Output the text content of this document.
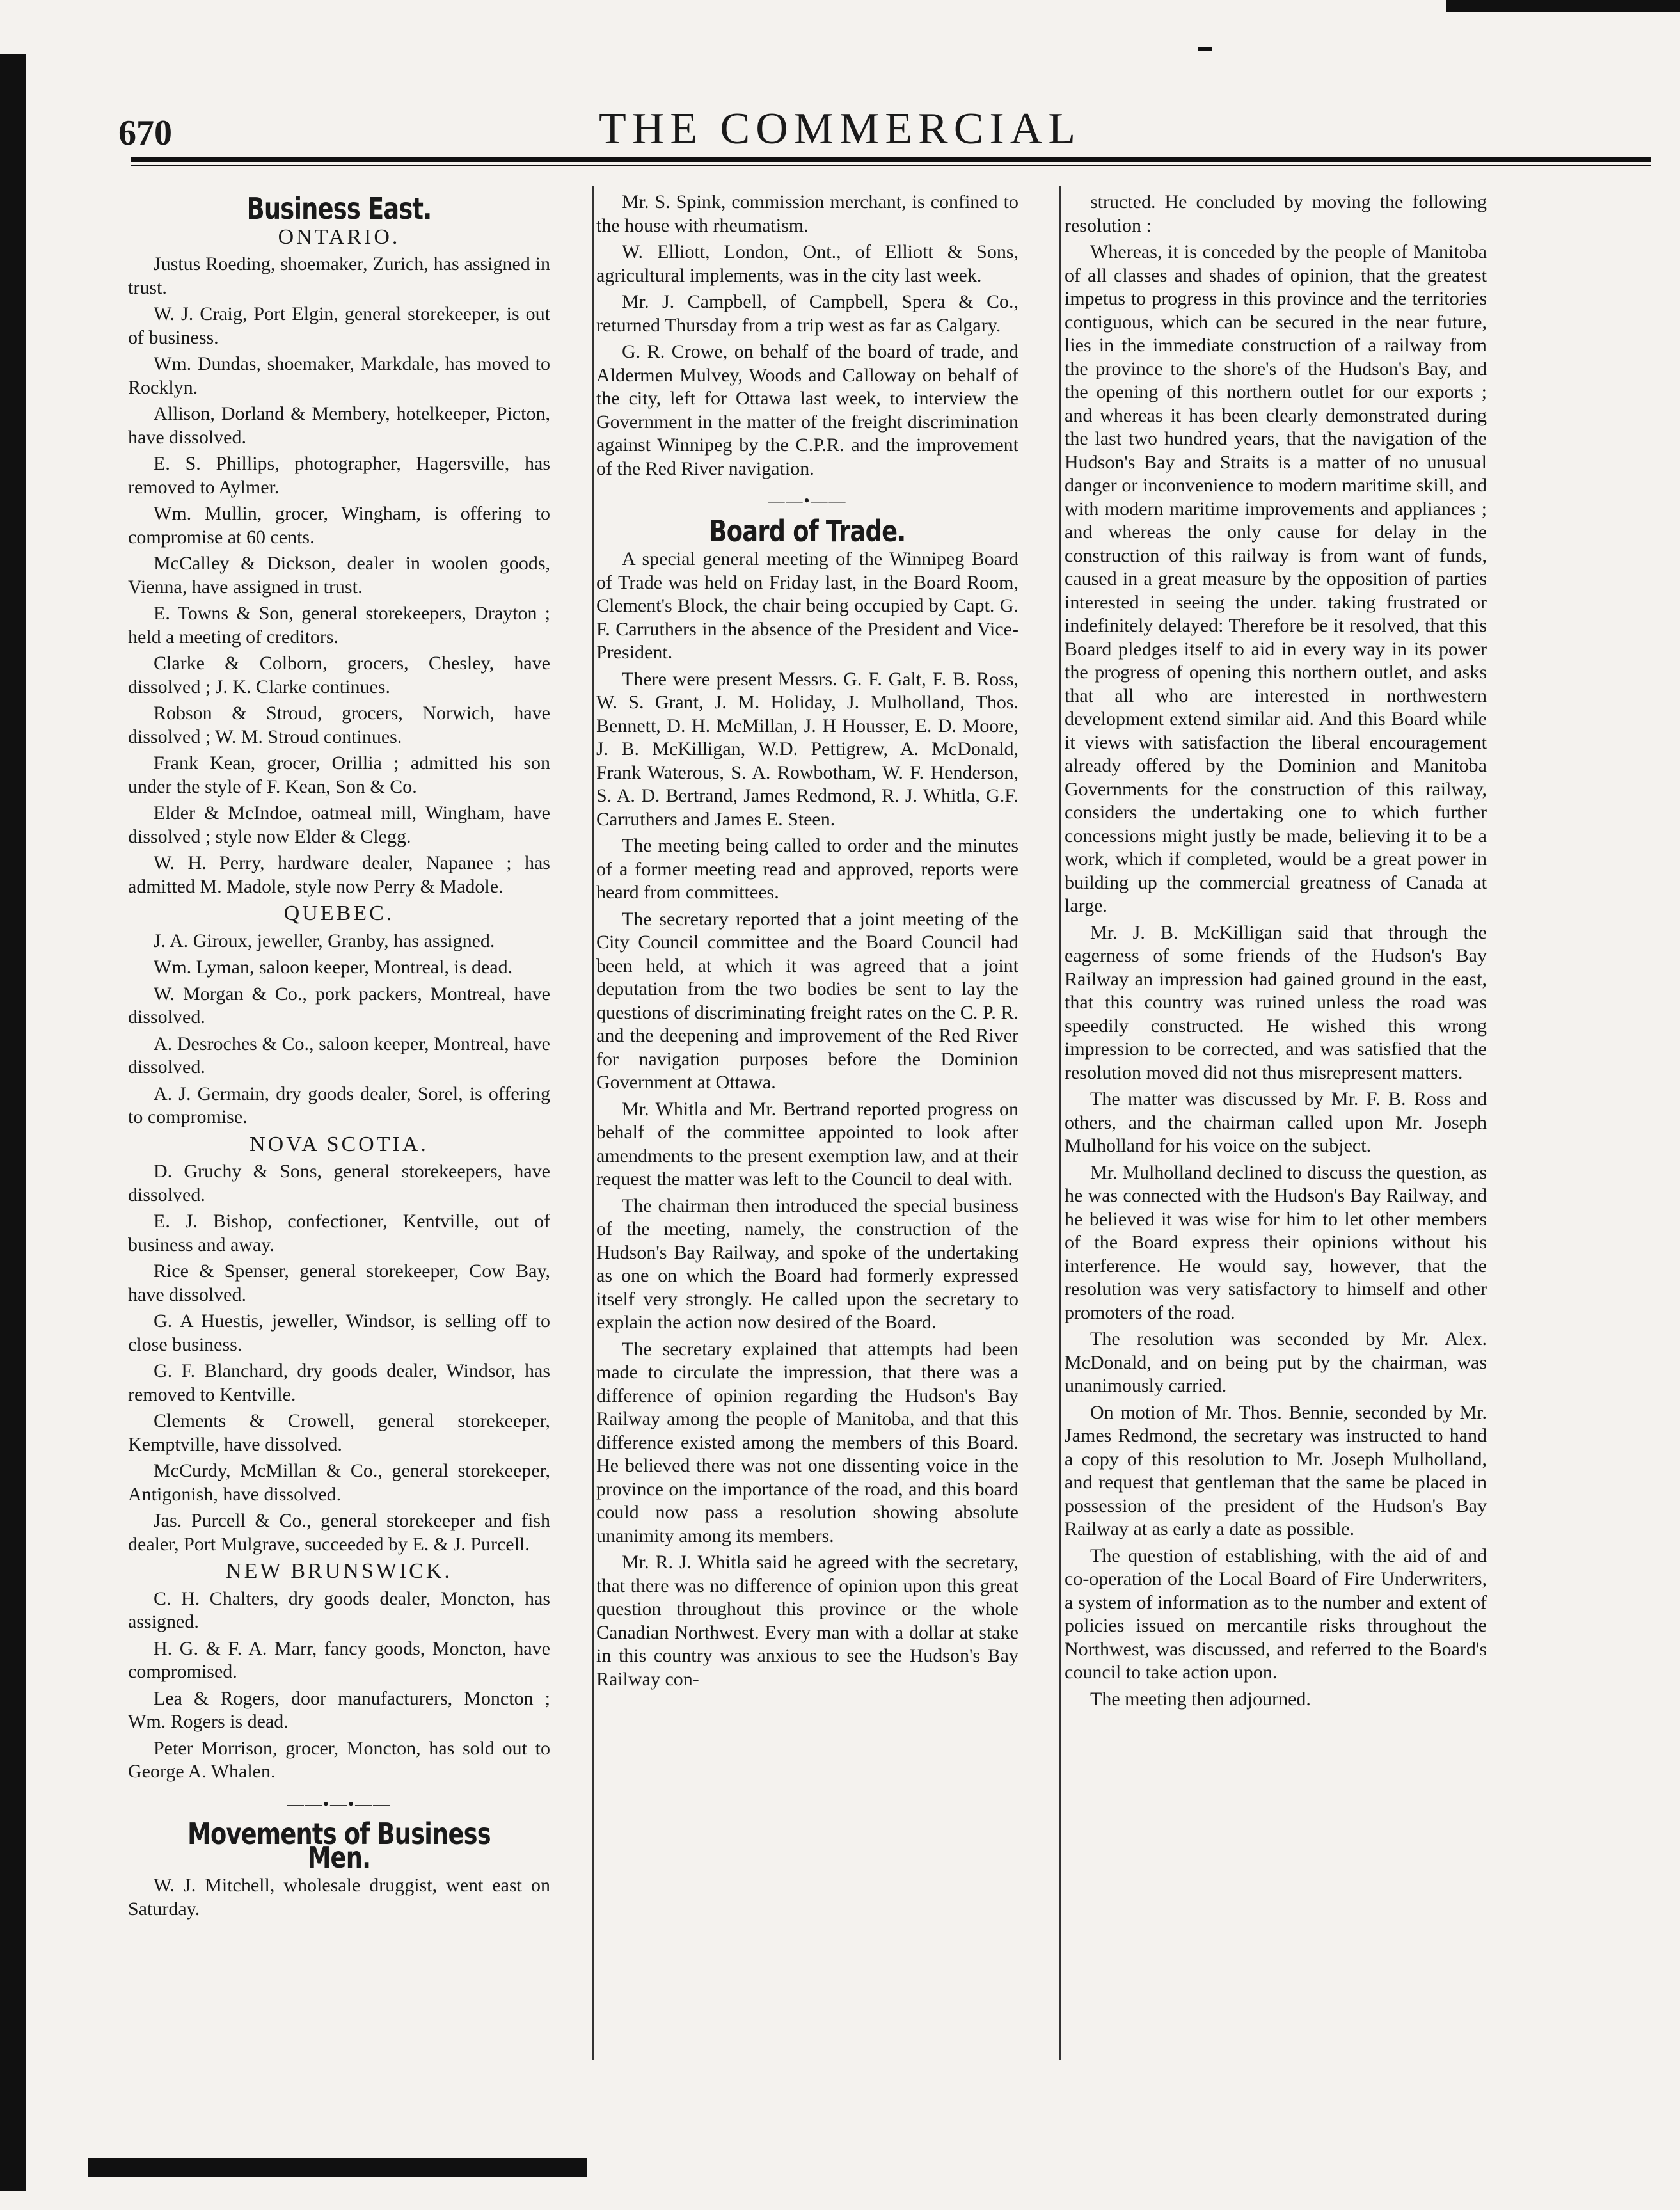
670	THE COMMERCIAL
Business East.
ONTARIO.

Justus Roeding, shoemaker, Zurich, has assigned in trust.

W. J. Craig, Port Elgin, general storekeeper, is out of business.

Wm. Dundas, shoemaker, Markdale, has moved to Rocklyn.

Allison, Dorland & Membery, hotelkeeper, Picton, have dissolved.

E. S. Phillips, photographer, Hagersville, has removed to Aylmer.

Wm. Mullin, grocer, Wingham, is offering to compromise at 60 cents.

McCalley & Dickson, dealer in woolen goods, Vienna, have assigned in trust.

E. Towns & Son, general storekeepers, Drayton ; held a meeting of creditors.

Clarke & Colborn, grocers, Chesley, have dissolved ; J. K. Clarke continues.

Robson & Stroud, grocers, Norwich, have dissolved ; W. M. Stroud continues.

Frank Kean, grocer, Orillia ; admitted his son under the style of F. Kean, Son & Co.

Elder & McIndoe, oatmeal mill, Wingham, have dissolved ; style now Elder & Clegg.

W. H. Perry, hardware dealer, Napanee ; has admitted M. Madole, style now Perry & Madole.

QUEBEC.

J. A. Giroux, jeweller, Granby, has assigned.

Wm. Lyman, saloon keeper, Montreal, is dead.

W. Morgan & Co., pork packers, Montreal, have dissolved.

A. Desroches & Co., saloon keeper, Montreal, have dissolved.

A. J. Germain, dry goods dealer, Sorel, is offering to compromise.

NOVA SCOTIA.

D. Gruchy & Sons, general storekeepers, have dissolved.

E. J. Bishop, confectioner, Kentville, out of business and away.

Rice & Spenser, general storekeeper, Cow Bay, have dissolved.

G. A Huestis, jeweller, Windsor, is selling off to close business.

G. F. Blanchard, dry goods dealer, Windsor, has removed to Kentville.

Clements & Crowell, general storekeeper, Kemptville, have dissolved.

McCurdy, McMillan & Co., general storekeeper, Antigonish, have dissolved.

Jas. Purcell & Co., general storekeeper and fish dealer, Port Mulgrave, succeeded by E. & J. Purcell.

NEW BRUNSWICK.

C. H. Chalters, dry goods dealer, Moncton, has assigned.

H. G. & F. A. Marr, fancy goods, Moncton, have compromised.

Lea & Rogers, door manufacturers, Moncton ; Wm. Rogers is dead.

Peter Morrison, grocer, Moncton, has sold out to George A. Whalen.

——•—•——
Movements of Business Men.

W. J. Mitchell, wholesale druggist, went east on Saturday.

Mr. S. Spink, commission merchant, is confined to the house with rheumatism.

W. Elliott, London, Ont., of Elliott & Sons, agricultural implements, was in the city last week.

Mr. J. Campbell, of Campbell, Spera & Co., returned Thursday from a trip west as far as Calgary.

G. R. Crowe, on behalf of the board of trade, and Aldermen Mulvey, Woods and Calloway on behalf of the city, left for Ottawa last week, to interview the Government in the matter of the freight discrimination against Winnipeg by the C.P.R. and the improvement of the Red River navigation.

——•——
Board of Trade.

A special general meeting of the Winnipeg Board of Trade was held on Friday last, in the Board Room, Clement's Block, the chair being occupied by Capt. G. F. Carruthers in the absence of the President and Vice-President.

There were present Messrs. G. F. Galt, F. B. Ross, W. S. Grant, J. M. Holiday, J. Mulholland, Thos. Bennett, D. H. McMillan, J. H Housser, E. D. Moore, J. B. McKilligan, W.D. Pettigrew, A. McDonald, Frank Waterous, S. A. Rowbotham, W. F. Henderson, S. A. D. Bertrand, James Redmond, R. J. Whitla, G.F. Carruthers and James E. Steen.

The meeting being called to order and the minutes of a former meeting read and approved, reports were heard from committees.

The secretary reported that a joint meeting of the City Council committee and the Board Council had been held, at which it was agreed that a joint deputation from the two bodies be sent to lay the questions of discriminating freight rates on the C. P. R. and the deepening and improvement of the Red River for navigation purposes before the Dominion Government at Ottawa.

Mr. Whitla and Mr. Bertrand reported progress on behalf of the committee appointed to look after amendments to the present exemption law, and at their request the matter was left to the Council to deal with.

The chairman then introduced the special business of the meeting, namely, the construction of the Hudson's Bay Railway, and spoke of the undertaking as one on which the Board had formerly expressed itself very strongly. He called upon the secretary to explain the action now desired of the Board.

The secretary explained that attempts had been made to circulate the impression, that there was a difference of opinion regarding the Hudson's Bay Railway among the people of Manitoba, and that this difference existed among the members of this Board. He believed there was not one dissenting voice in the province on the importance of the road, and this board could now pass a resolution showing absolute unanimity among its members.

Mr. R. J. Whitla said he agreed with the secretary, that there was no difference of opinion upon this great question throughout this province or the whole Canadian Northwest. Every man with a dollar at stake in this country was anxious to see the Hudson's Bay Railway con-

structed. He concluded by moving the following resolution :

Whereas, it is conceded by the people of Manitoba of all classes and shades of opinion, that the greatest impetus to progress in this province and the territories contiguous, which can be secured in the near future, lies in the immediate construction of a railway from the province to the shore's of the Hudson's Bay, and the opening of this northern outlet for our exports ; and whereas it has been clearly demonstrated during the last two hundred years, that the navigation of the Hudson's Bay and Straits is a matter of no unusual danger or inconvenience to modern maritime skill, and with modern maritime improvements and appliances ; and whereas the only cause for delay in the construction of this railway is from want of funds, caused in a great measure by the opposition of parties interested in seeing the under. taking frustrated or indefinitely delayed: Therefore be it resolved, that this Board pledges itself to aid in every way in its power the progress of opening this northern outlet, and asks that all who are interested in northwestern development extend similar aid. And this Board while it views with satisfaction the liberal encouragement already offered by the Dominion and Manitoba Governments for the construction of this railway, considers the undertaking one to which further concessions might justly be made, believing it to be a work, which if completed, would be a great power in building up the commercial greatness of Canada at large.

Mr. J. B. McKilligan said that through the eagerness of some friends of the Hudson's Bay Railway an impression had gained ground in the east, that this country was ruined unless the road was speedily constructed. He wished this wrong impression to be corrected, and was satisfied that the resolution moved did not thus misrepresent matters.

The matter was discussed by Mr. F. B. Ross and others, and the chairman called upon Mr. Joseph Mulholland for his voice on the subject.

Mr. Mulholland declined to discuss the question, as he was connected with the Hudson's Bay Railway, and he believed it was wise for him to let other members of the Board express their opinions without his interference. He would say, however, that the resolution was very satisfactory to himself and other promoters of the road.

The resolution was seconded by Mr. Alex. McDonald, and on being put by the chairman, was unanimously carried.

On motion of Mr. Thos. Bennie, seconded by Mr. James Redmond, the secretary was instructed to hand a copy of this resolution to Mr. Joseph Mulholland, and request that gentleman that the same be placed in possession of the president of the Hudson's Bay Railway at as early a date as possible.

The question of establishing, with the aid of and co-operation of the Local Board of Fire Underwriters, a system of information as to the number and extent of policies issued on mercantile risks throughout the Northwest, was discussed, and referred to the Board's council to take action upon.

The meeting then adjourned.
